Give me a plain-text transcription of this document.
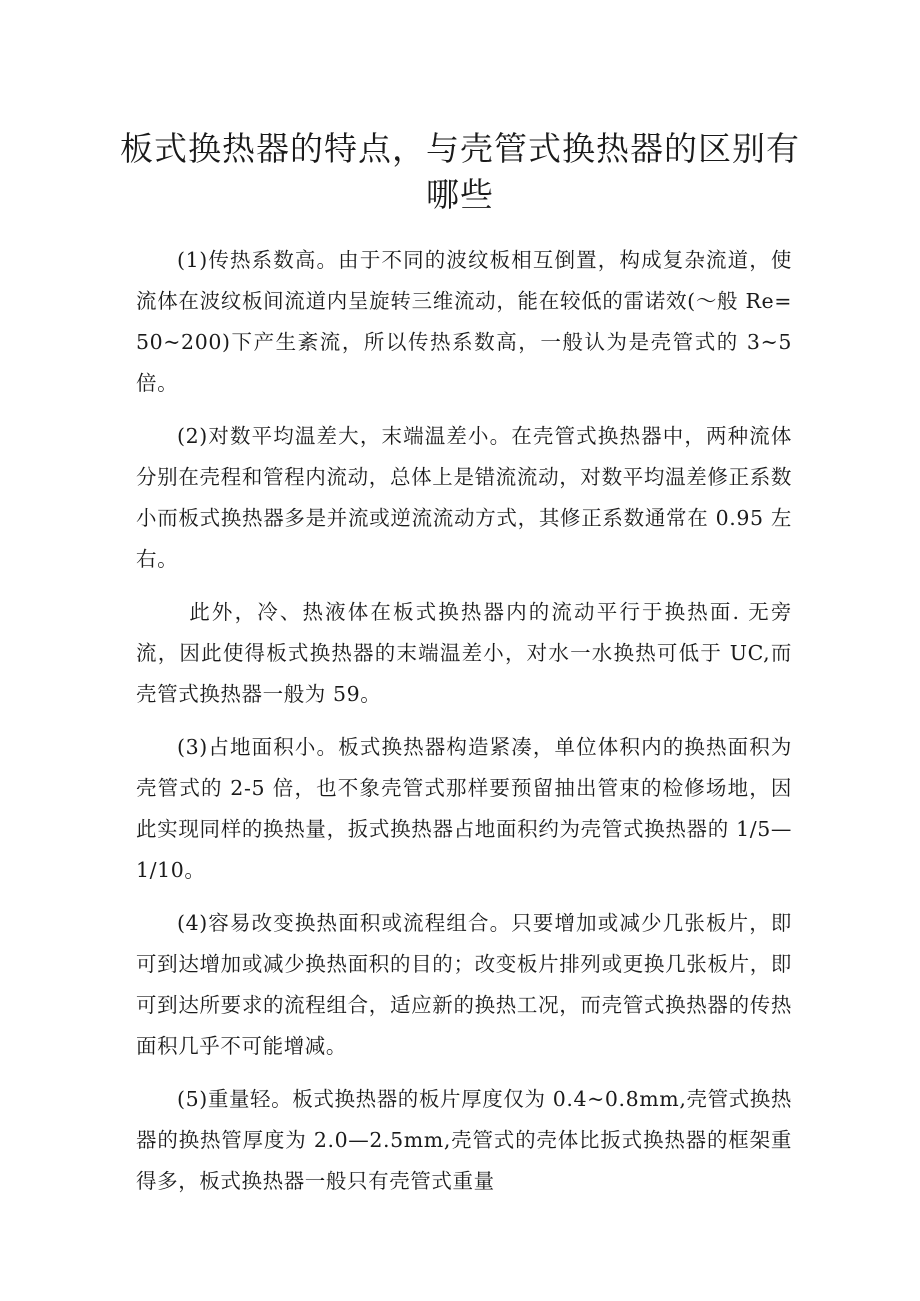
板式换热器的特点，与壳管式换热器的区别有哪些

(1)传热系数高。由于不同的波纹板相互倒置，构成复杂流道，使流体在波纹板间流道内呈旋转三维流动，能在较低的雷诺效(～般 Re=50~200)下产生紊流，所以传热系数高，一般认为是壳管式的 3~5 倍。

(2)对数平均温差大，末端温差小。在壳管式换热器中，两种流体分别在壳程和管程内流动，总体上是错流流动，对数平均温差修正系数小而板式换热器多是并流或逆流流动方式，其修正系数通常在 0.95 左右。

此外，冷、热液体在板式换热器内的流动平行于换热面. 无旁流，因此使得板式换热器的末端温差小，对水一水换热可低于 UC,而壳管式换热器一般为 59。

(3)占地面积小。板式换热器构造紧凑，单位体积内的换热面积为壳管式的 2-5 倍，也不象壳管式那样要预留抽出管束的检修场地，因此实现同样的换热量，扳式换热器占地面积约为壳管式换热器的 1/5—1/10。

(4)容易改变换热面积或流程组合。只要增加或减少几张板片，即可到达增加或减少换热面积的目的；改变板片排列或更换几张板片，即可到达所要求的流程组合，适应新的换热工况，而壳管式换热器的传热面积几乎不可能增减。

(5)重量轻。板式换热器的板片厚度仅为 0.4~0.8mm,壳管式换热器的换热管厚度为 2.0—2.5mm,壳管式的壳体比扳式换热器的框架重得多，板式换热器一般只有壳管式重量
